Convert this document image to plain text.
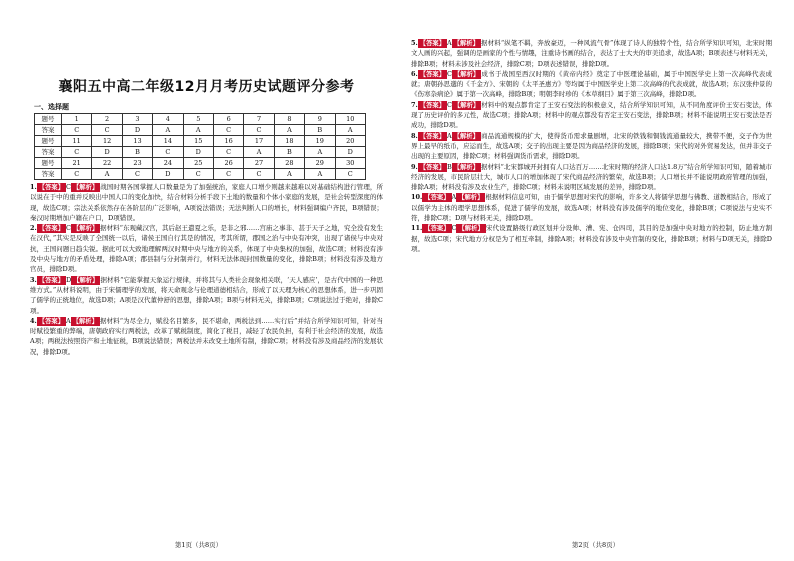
襄阳五中高二年级12月月考历史试题评分参考
一、选择题
题号	1	2	3	4	5	6	7	8	9	10
答案	C	C	D	A	A	C	C	A	B	A
题号	11	12	13	14	15	16	17	18	19	20
答案	C	D	B	C	D	C	A	B	A	D
题号	21	22	23	24	25	26	27	28	29	30
答案	C	A	C	D	C	C	C	A	A	C
1. 【答案】 C 【解析】 战国时期各国掌握人口数量是为了加强统治，家庭人口增少则越来越难以对基础结构进行管理，所以说在于中的重并反映出中国人口的变化加快，结合材料分析手段下土地的数量和个体小家庭的发展，是社会转型深度的体现，故选C项；宗法关系依然存在各阶层的广泛影响，A项说法错误；无法判断人口的增长，材料强调编户齐民，B项错误；秦汉时期增加户籍在户口，D项错误。
2. 【答案】 C 【解析】 据材料“东观藏汉宫，其后赵王遣夏之乐，是非之邪……宫庙之事非、甚于天子之地，究全没有发生在汉代，”其实是反映了全国统一以后，诸侯王国自行其是的情况，考其所谓，郡国之治与中央有冲突，出现了诸侯与中央对抗，王国问题日趋尖锐。据此可以大致地理解两汉时期中央与地方的关系，体现了中央集权的加强，故选C项；材料没有涉及中央与地方的矛盾处理，排除A项；郡县制与分封制并行，材料无法体现封国数量的变化，排除B项；材料没有涉及地方官员，排除D项。
3. 【答案】 D 【解析】 据材料“它能掌握天象运行规律，并将其与人类社会现象相关联，‘天人感应’，是古代中国的一种思维方式。”从材料说明，由于宋儒理学的发展，将天命观念与伦理道德相结合，形成了以天理为核心的思想体系，进一步巩固了儒学的正统地位，故选D项；A项是汉代董仲舒的思想，排除A项；B项与材料无关，排除B项；C项说法过于绝对，排除C项。
4. 【答案】 A 【解析】 据材料“为尽全力，赋役名目繁多，民不堪命，两税法到……实行后”并结合所学知识可知，针对当时赋役繁重的弊端，唐朝政府实行两税法，改革了赋税制度，简化了税目，减轻了农民负担，有利于社会经济的发展，故选A项；两税法按照资产和土地征税，B项说法错误；两税法并未改变土地所有制，排除C项；材料没有涉及商品经济的发展状况，排除D项。
第1页（共8页）
5. 【答案】 A 【解析】 据材料“纵笔不羁，奔放豪迈，一种风流气骨”体现了诗人的独特个性，结合所学知识可知，北宋时期文人画的兴起，强调的是画家的个性与情趣，注重诗书画的结合，表达了士大夫的审美追求，故选A项；B项表述与材料无关，排除B项；材料未涉及社会经济，排除C项；D项表述错误，排除D项。
6. 【答案】 C 【解析】 成书于战国至西汉时期的《黄帝内经》奠定了中医理论基础，属于中国医学史上第一次高峰代表成就；唐朝孙思邈的《千金方》、宋朝的《太平圣惠方》等均属于中国医学史上第二次高峰的代表成就，故选A项；东汉张仲景的《伤寒杂病论》属于第一次高峰，排除B项；明朝李时珍的《本草纲目》属于第三次高峰，排除D项。
7. 【答案】 C 【解析】 材料中的观点都肯定了王安石变法的积极意义，结合所学知识可知，从不同角度评价王安石变法，体现了历史评价的多元性，故选C项；排除A项；材料中的观点都没有否定王安石变法，排除B项；材料不能说明王安石变法是否成功，排除D项。
8. 【答案】 A 【解析】 商品流通规模的扩大，使得货币需求量剧增，北宋的铁钱和铜钱流通量较大，携带不便，交子作为世界上最早的纸币，应运而生，故选A项；交子的出现主要是因为商品经济的发展，排除B项；宋代的对外贸易发达，但并非交子出现的主要原因，排除C项；材料强调货币需求，排除D项。
9. 【答案】 B 【解析】 据材料“北宋都城开封拥有人口达百万……北宋时期的经济人口达1.8万”结合所学知识可知，随着城市经济的发展，市民阶层壮大，城市人口的增加体现了宋代商品经济的繁荣，故选B项；人口增长并不能说明政府管理的加强，排除A项；材料没有涉及农业生产，排除C项；材料未说明区域发展的差异，排除D项。
10. 【答案】 A 【解析】 根据材料信息可知，由于儒学思想对宋代的影响，许多文人将儒学思想与佛教、道教相结合，形成了以儒学为主体的理学思想体系，促进了儒学的发展，故选A项；材料没有涉及儒学的地位变化，排除B项；C项说法与史实不符，排除C项；D项与材料无关，排除D项。
11. 【答案】 C 【解析】 宋代设置路级行政区划并分设帅、漕、宪、仓四司，其目的是加强中央对地方的控制，防止地方割据，故选C项；宋代地方分权是为了相互牵制，排除A项；材料没有涉及中央官制的变化，排除B项；材料与D项无关，排除D项。
第2页（共8页）
